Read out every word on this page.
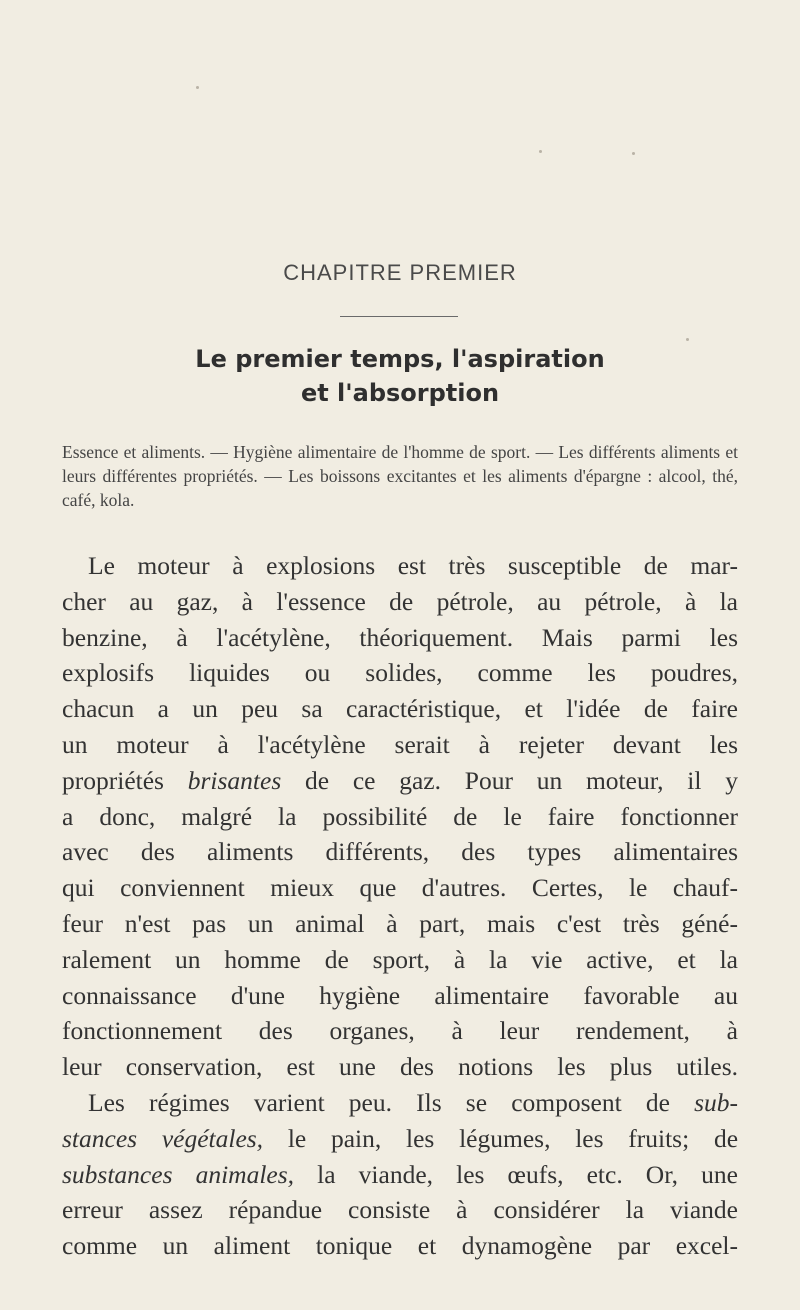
CHAPITRE PREMIER
Le premier temps, l'aspiration
et l'absorption
Essence et aliments. — Hygiène alimentaire de l'homme de sport. — Les différents aliments et leurs différentes propriétés. — Les boissons excitantes et les aliments d'épargne : alcool, thé, café, kola.
Le moteur à explosions est très susceptible de mar-
cher au gaz, à l'essence de pétrole, au pétrole, à la
benzine, à l'acétylène, théoriquement. Mais parmi les
explosifs liquides ou solides, comme les poudres,
chacun a un peu sa caractéristique, et l'idée de faire
un moteur à l'acétylène serait à rejeter devant les
propriétés brisantes de ce gaz. Pour un moteur, il y
a donc, malgré la possibilité de le faire fonctionner
avec des aliments différents, des types alimentaires
qui conviennent mieux que d'autres. Certes, le chauf-
feur n'est pas un animal à part, mais c'est très géné-
ralement un homme de sport, à la vie active, et la
connaissance d'une hygiène alimentaire favorable au
fonctionnement des organes, à leur rendement, à
leur conservation, est une des notions les plus utiles.
Les régimes varient peu. Ils se composent de sub-
stances végétales, le pain, les légumes, les fruits; de
substances animales, la viande, les œufs, etc. Or, une
erreur assez répandue consiste à considérer la viande
comme un aliment tonique et dynamogène par excel-
